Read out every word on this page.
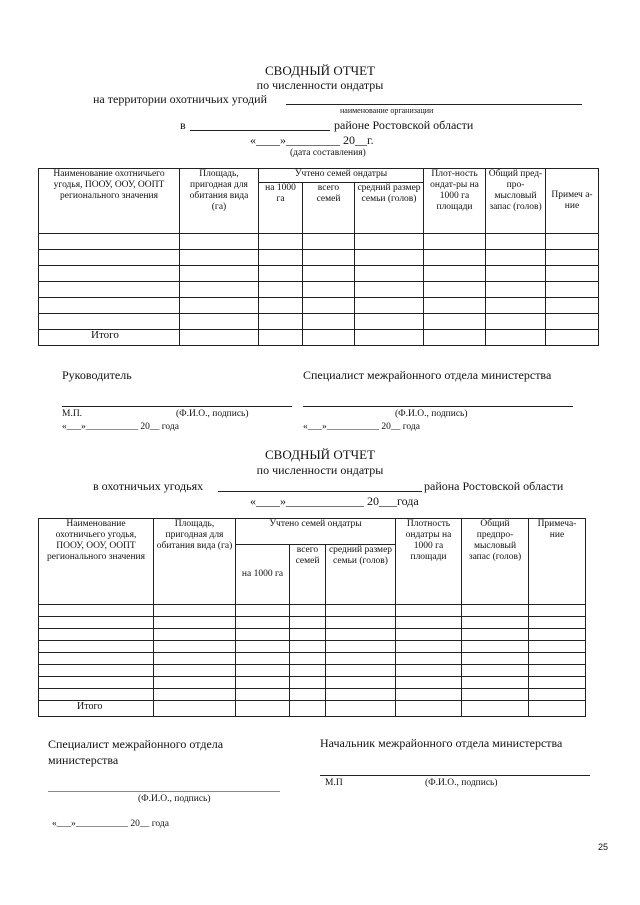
СВОДНЫЙ ОТЧЕТ
по численности ондатры
на территории охотничьих угодий
наименование организации
в	районе Ростовской области
«____»_________ 20__г.
(дата составления)
Наименование охотничьего угодья, ПООУ, ООУ, ООПТ регионального значения	Площадь, пригодная для обитания вида (га)	Учтено семей ондатры			Плот-ность ондат-ры на 1000 га площади	Общий пред-про-мысловый запас (голов)	Примеч а-ние
		на 1000 га	всего семей	средний размер семьи (голов)			

Итого							
Руководитель	Специалист межрайонного отдела министерства
М.П.	(Ф.И.О., подпись)	(Ф.И.О., подпись)
«___»___________ 20__ года	«___»___________ 20__ года
СВОДНЫЙ ОТЧЕТ
по численности ондатры
в охотничьих угодьях	района Ростовской области
«____»_____________ 20___года
Наименование охотничьего угодья, ПООУ, ООУ, ООПТ регионального значения	Площадь, пригодная для обитания вида (га)	Учтено семей ондатры			Плотность ондатры на 1000 га площади	Общий предпро-мысловый запас (голов)	Примеча-ние
		на 1000 га	всего семей	средний размер семьи (голов)			

Итого							
Специалист межрайонного отдела министерства
Начальник межрайонного отдела министерства
М.П	(Ф.И.О., подпись)
(Ф.И.О., подпись)
«___»___________ 20__ года
25
